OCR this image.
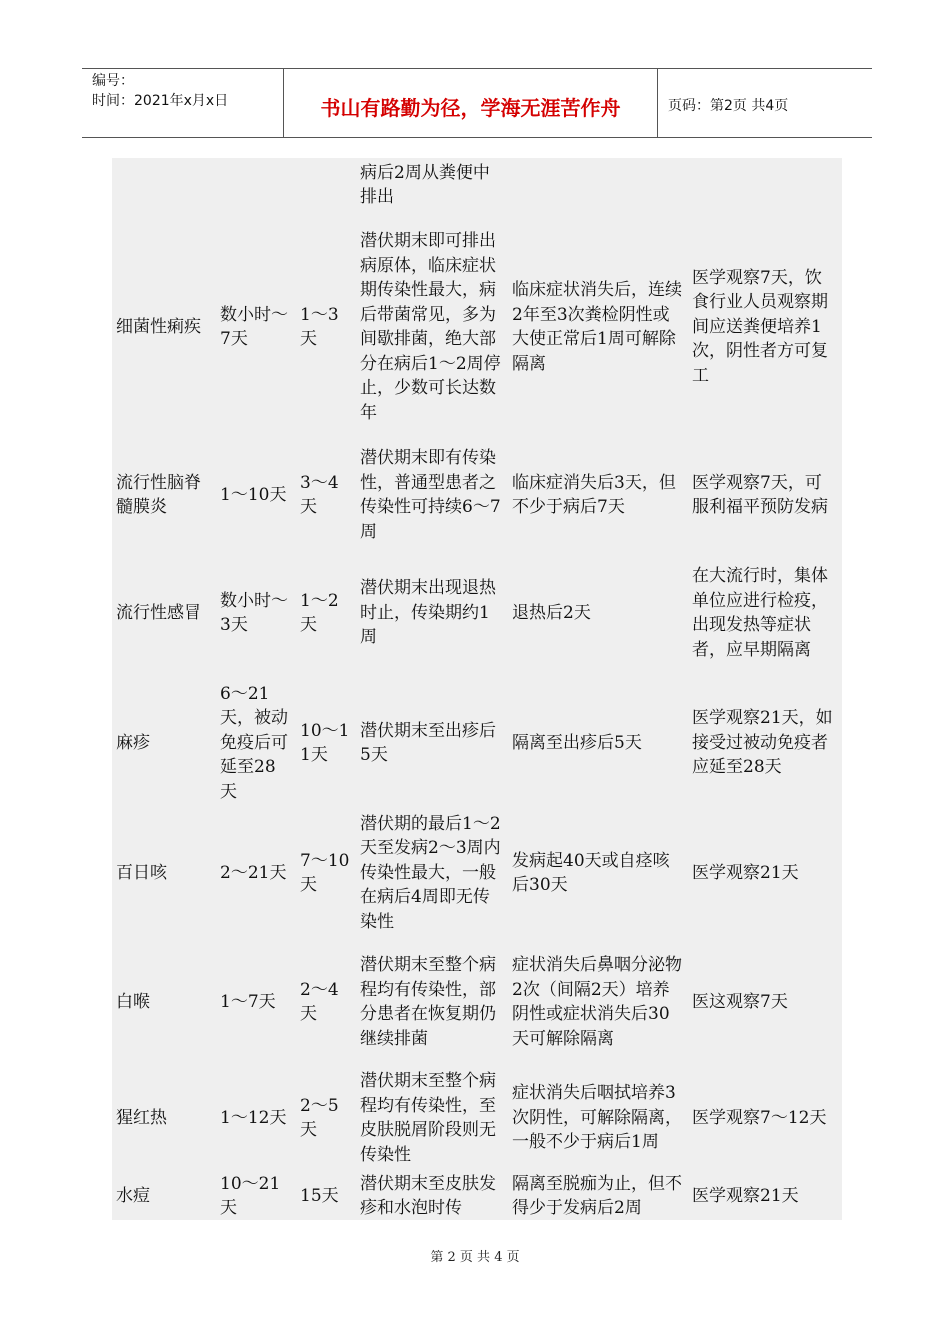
编号：
时间：2021年x月x日	书山有路勤为径，学海无涯苦作舟	页码：第2页 共4页
			病后2周从粪便中排出		
细菌性痢疾	数小时～7天	1～3天	潜伏期末即可排出病原体，临床症状期传染性最大，病后带菌常见，多为间歇排菌，绝大部分在病后1～2周停止，少数可长达数年	临床症状消失后，连续2年至3次粪检阴性或大使正常后1周可解除隔离	医学观察7天，饮食行业人员观察期间应送粪便培养1次，阴性者方可复工
流行性脑脊髓膜炎	1～10天	3～4天	潜伏期末即有传染性，普通型患者之传染性可持续6～7周	临床症消失后3天，但不少于病后7天	医学观察7天，可服利福平预防发病
流行性感冒	数小时～3天	1～2天	潜伏期末出现退热时止，传染期约1周	退热后2天	在大流行时，集体单位应进行检疫，出现发热等症状者，应早期隔离
麻疹	6～21天，被动免疫后可延至28天	10～11天	潜伏期末至出疹后5天	隔离至出疹后5天	医学观察21天，如接受过被动免疫者应延至28天
百日咳	2～21天	7～10天	潜伏期的最后1～2天至发病2～3周内传染性最大，一般在病后4周即无传染性	发病起40天或自痉咳后30天	医学观察21天
白喉	1～7天	2～4天	潜伏期末至整个病程均有传染性，部分患者在恢复期仍继续排菌	症状消失后鼻咽分泌物2次（间隔2天）培养阴性或症状消失后30天可解除隔离	医这观察7天
猩红热	1～12天	2～5天	潜伏期末至整个病程均有传染性，至皮肤脱屑阶段则无传染性	症状消失后咽拭培养3次阴性，可解除隔离，一般不少于病后1周	医学观察7～12天
水痘	10～21天	15天	潜伏期末至皮肤发疹和水泡时传	隔离至脱痂为止，但不得少于发病后2周	医学观察21天
第 2 页 共 4 页
